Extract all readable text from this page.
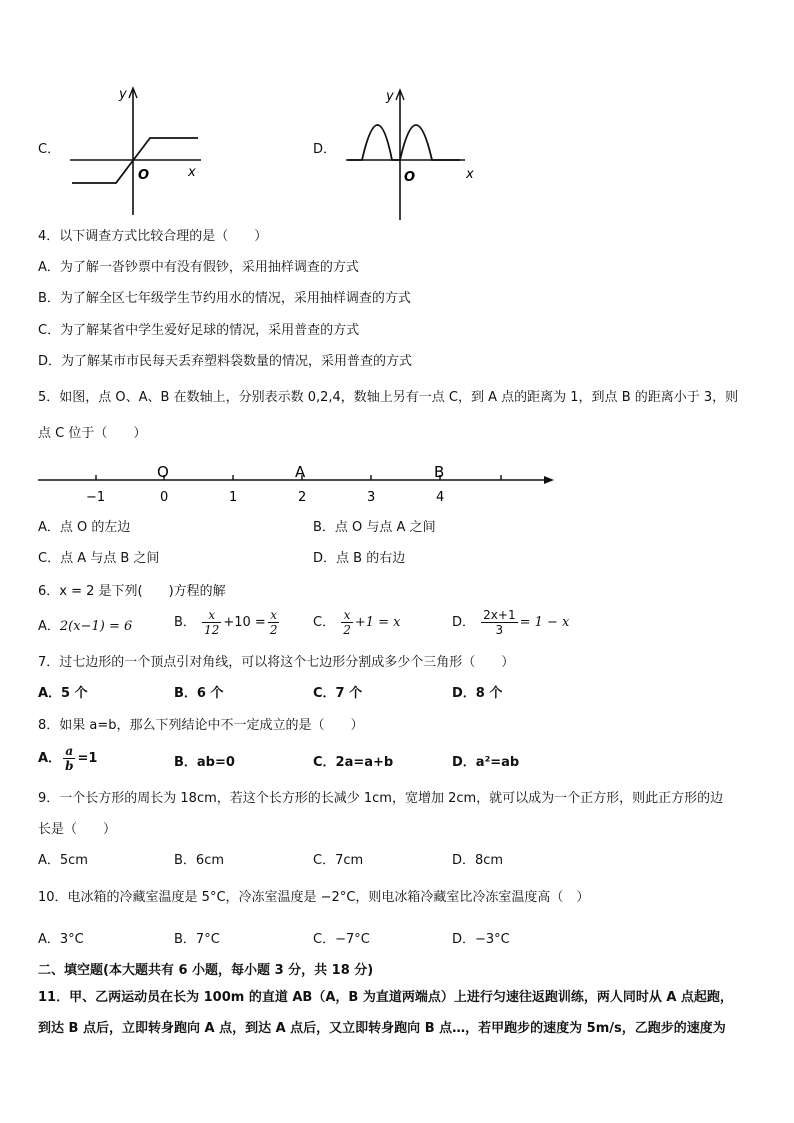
C．
y
x
O
D．
y
x
O
4．以下调查方式比较合理的是（　　）
A．为了解一沓钞票中有没有假钞，采用抽样调查的方式
B．为了解全区七年级学生节约用水的情况，采用抽样调查的方式
C．为了解某省中学生爱好足球的情况，采用普查的方式
D．为了解某市市民每天丢弃塑料袋数量的情况，采用普查的方式
5．如图，点 O、A、B 在数轴上，分别表示数 0,2,4，数轴上另有一点 C，到 A 点的距离为 1，到点 B 的距离小于 3，则
点 C 位于（　　）
O	A	B
−1	0	1	2	3	4
A．点 O 的左边	B．点 O 与点 A 之间
C．点 A 与点 B 之间	D．点 B 的右边
6．x = 2 是下列(　　)方程的解
A．2(x−1) = 6	B． $\frac{x}{12} +10 = \frac{x}{2}$	C． $\frac{x}{2} +1 = x$	D． $\frac{2x+1}{3} = 1 - x$
7．过七边形的一个顶点引对角线，可以将这个七边形分割成多少个三角形（　　）
A．5 个	B．6 个	C．7 个	D．8 个
8．如果 a=b，那么下列结论中不一定成立的是（　　）
A． $\frac{a}{b} =1$	B．ab=0	C．2a=a+b	D．a²=ab
9．一个长方形的周长为 18cm，若这个长方形的长减少 1cm，宽增加 2cm，就可以成为一个正方形，则此正方形的边
长是（　　）
A．5cm	B．6cm	C．7cm	D．8cm
10．电冰箱的冷藏室温度是 5°C，冷冻室温度是 −2°C，则电冰箱冷藏室比冷冻室温度高（　）
A．3°C	B．7°C	C．−7°C	D．−3°C
二、填空题(本大题共有 6 小题，每小题 3 分，共 18 分)
11．甲、乙两运动员在长为 100m 的直道 AB（A，B 为直道两端点）上进行匀速往返跑训练，两人同时从 A 点起跑，
到达 B 点后，立即转身跑向 A 点，到达 A 点后，又立即转身跑向 B 点…，若甲跑步的速度为 5m/s，乙跑步的速度为
